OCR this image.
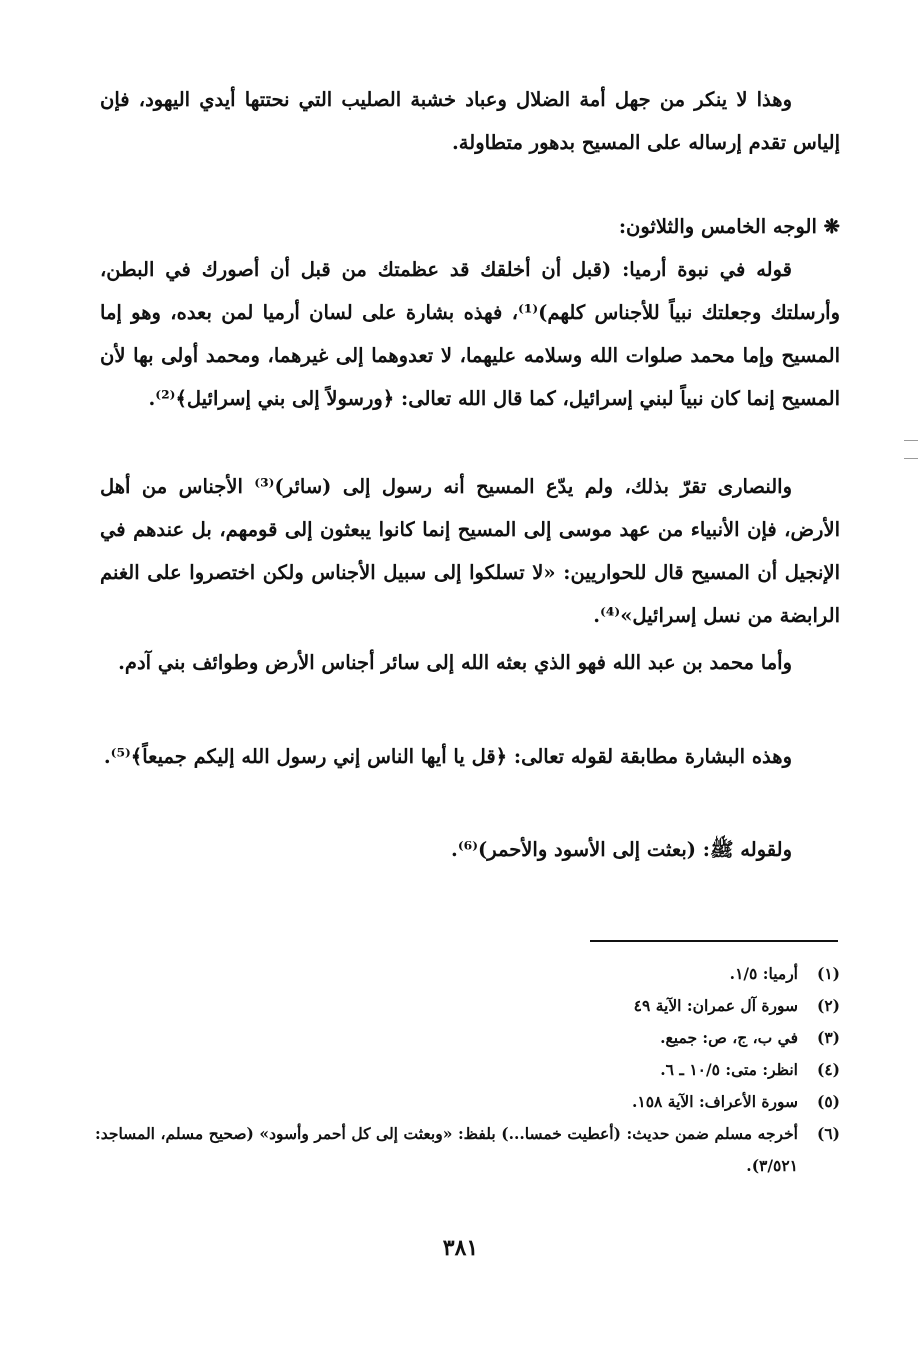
وهذا لا ينكر من جهل أمة الضلال وعباد خشبة الصليب التي نحتتها أيدي اليهود، فإن إلياس تقدم إرساله على المسيح بدهور متطاولة.

❋ الوجه الخامس والثلاثون:

قوله في نبوة أرميا: (قبل أن أخلقك قد عظمتك من قبل أن أصورك في البطن، وأرسلتك وجعلتك نبياً للأجناس كلهم)⁽¹⁾، فهذه بشارة على لسان أرميا لمن بعده، وهو إما المسيح وإما محمد صلوات الله وسلامه عليهما، لا تعدوهما إلى غيرهما، ومحمد أولى بها لأن المسيح إنما كان نبياً لبني إسرائيل، كما قال الله تعالى: ﴿ورسولاً إلى بني إسرائيل﴾⁽²⁾.

والنصارى تقرّ بذلك، ولم يدّع المسيح أنه رسول إلى (سائر)⁽³⁾ الأجناس من أهل الأرض، فإن الأنبياء من عهد موسى إلى المسيح إنما كانوا يبعثون إلى قومهم، بل عندهم في الإنجيل أن المسيح قال للحواريين: «لا تسلكوا إلى سبيل الأجناس ولكن اختصروا على الغنم الرابضة من نسل إسرائيل»⁽⁴⁾.

وأما محمد بن عبد الله فهو الذي بعثه الله إلى سائر أجناس الأرض وطوائف بني آدم.

وهذه البشارة مطابقة لقوله تعالى: ﴿قل يا أيها الناس إني رسول الله إليكم جميعاً﴾⁽⁵⁾.

ولقوله ﷺ: (بعثت إلى الأسود والأحمر)⁽⁶⁾.

(١)
أرميا: ١/٥.
(٢)
سورة آل عمران: الآية ٤٩
(٣)
في ب، ج، ص: جميع.
(٤)
انظر: متى: ١٠/٥ ـ ٦.
(٥)
سورة الأعراف: الآية ١٥٨.
(٦)
أخرجه مسلم ضمن حديث: (أعطيت خمسا...) بلفظ: «وبعثت إلى كل أحمر وأسود» (صحيح مسلم، المساجد: ٣/٥٢١).
٣٨١
